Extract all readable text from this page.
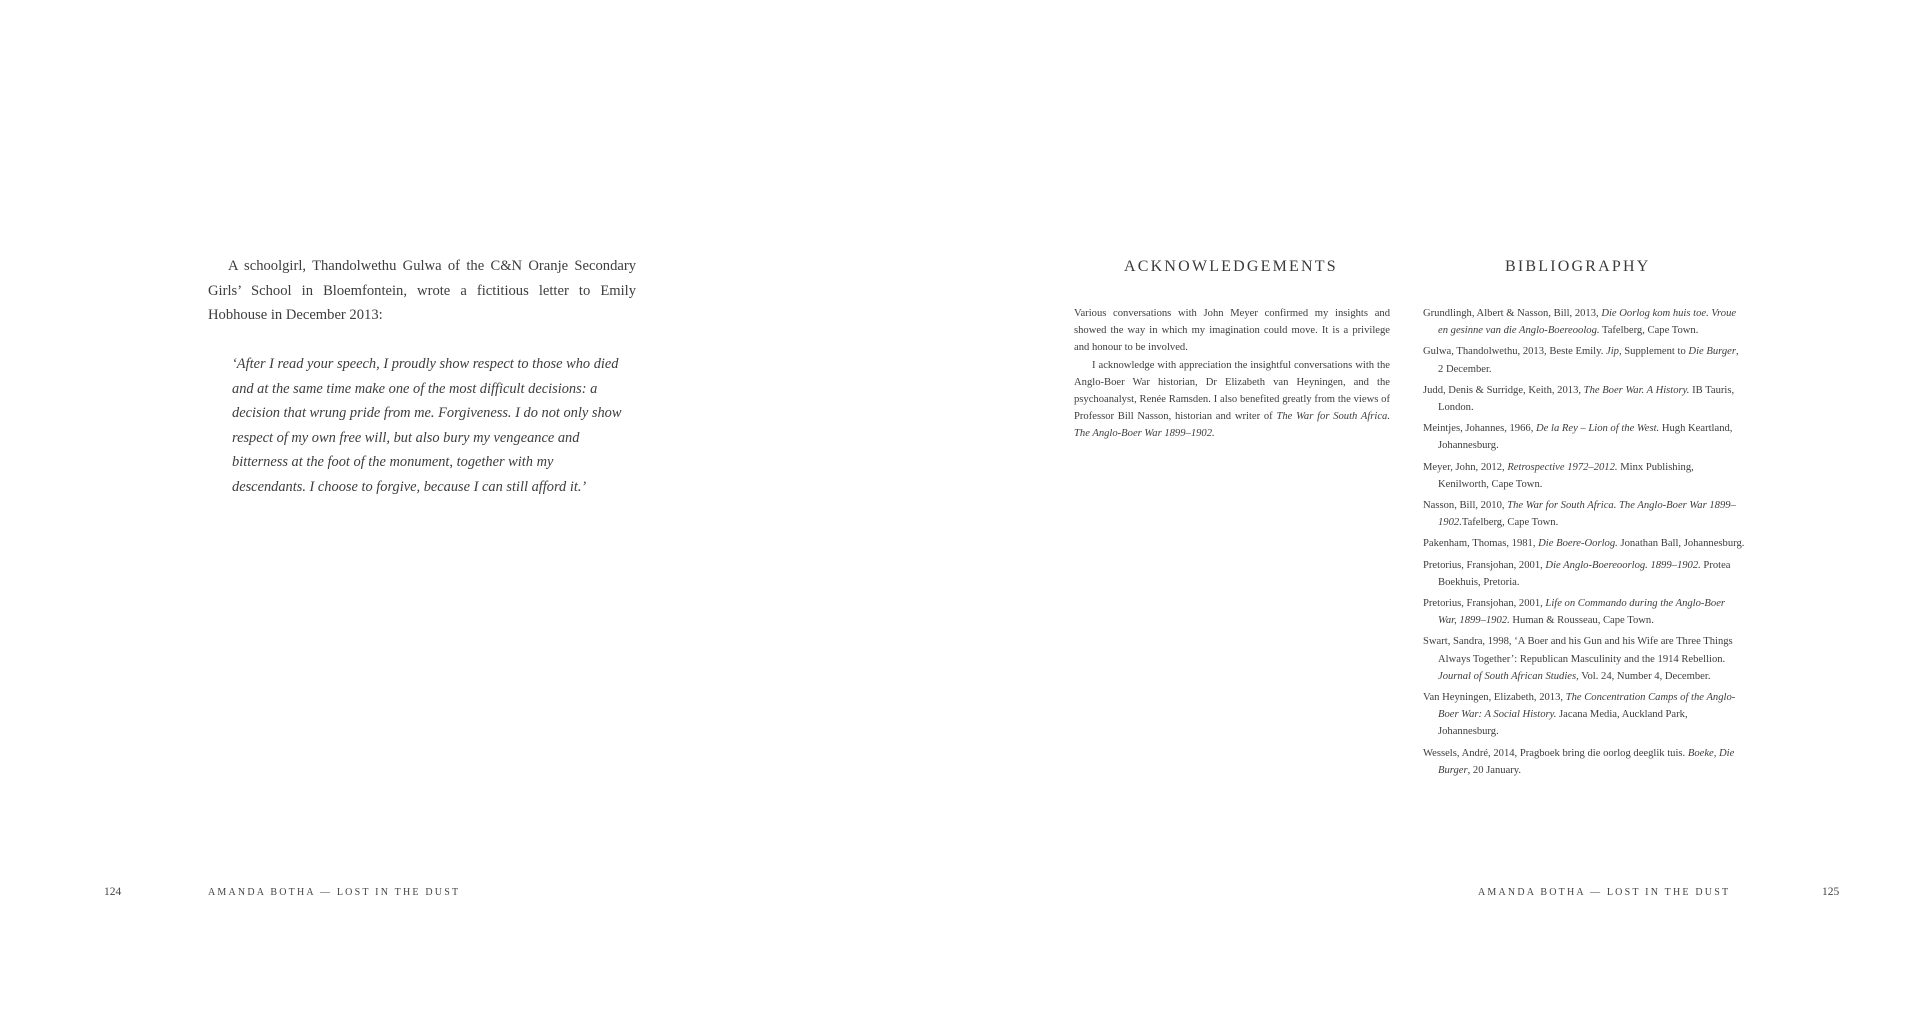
A schoolgirl, Thandolwethu Gulwa of the C&N Oranje Secondary Girls’ School in Bloemfontein, wrote a fictitious letter to Emily Hobhouse in December 2013:

‘After I read your speech, I proudly show respect to those who died and at the same time make one of the most difficult decisions: a decision that wrung pride from me. Forgiveness. I do not only show respect of my own free will, but also bury my vengeance and bitterness at the foot of the monument, together with my descendants. I choose to forgive, because I can still afford it.’

124	AMANDA BOTHA — LOST IN THE DUST
ACKNOWLEDGEMENTS

Various conversations with John Meyer confirmed my insights and showed the way in which my imagination could move. It is a privilege and honour to be involved.

I acknowledge with appreciation the insightful conversations with the Anglo-Boer War historian, Dr Elizabeth van Heyningen, and the psychoanalyst, Renée Ramsden. I also benefited greatly from the views of Professor Bill Nasson, historian and writer of The War for South Africa. The Anglo-Boer War 1899–1902.

BIBLIOGRAPHY
Grundlingh, Albert & Nasson, Bill, 2013, Die Oorlog kom huis toe. Vroue en gesinne van die Anglo-Boereoolog. Tafelberg, Cape Town.
Gulwa, Thandolwethu, 2013, Beste Emily. Jip, Supplement to Die Burger, 2 December.
Judd, Denis & Surridge, Keith, 2013, The Boer War. A History. IB Tauris, London.
Meintjes, Johannes, 1966, De la Rey – Lion of the West. Hugh Keartland, Johannesburg.
Meyer, John, 2012, Retrospective 1972–2012. Minx Publishing, Kenilworth, Cape Town.
Nasson, Bill, 2010, The War for South Africa. The Anglo-Boer War 1899–1902.Tafelberg, Cape Town.
Pakenham, Thomas, 1981, Die Boere-Oorlog. Jonathan Ball, Johannesburg.
Pretorius, Fransjohan, 2001, Die Anglo-Boereoorlog. 1899–1902. Protea Boekhuis, Pretoria.
Pretorius, Fransjohan, 2001, Life on Commando during the Anglo-Boer War, 1899–1902. Human & Rousseau, Cape Town.
Swart, Sandra, 1998, ‘A Boer and his Gun and his Wife are Three Things Always Together’: Republican Masculinity and the 1914 Rebellion. Journal of South African Studies, Vol. 24, Number 4, December.
Van Heyningen, Elizabeth, 2013, The Concentration Camps of the Anglo-Boer War: A Social History. Jacana Media, Auckland Park, Johannesburg.
Wessels, André, 2014, Pragboek bring die oorlog deeglik tuis. Boeke, Die Burger, 20 January.
AMANDA BOTHA — LOST IN THE DUST	125
